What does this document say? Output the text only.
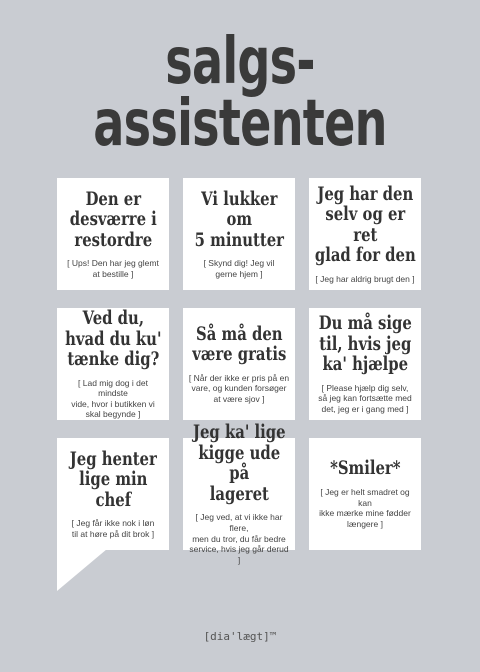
salgs-
assistenten
Den er
desværre i
restordre
[ Ups! Den har jeg glemt
at bestille ]
Vi lukker om
5 minutter
[ Skynd dig! Jeg vil
gerne hjem ]
Jeg har den
selv og er ret
glad for den
[ Jeg har aldrig brugt den ]
Ved du,
hvad du ku'
tænke dig?
[ Lad mig dog i det mindste
vide, hvor i butikken vi
skal begynde ]
Så må den
være gratis
[ Når der ikke er pris på en
vare, og kunden forsøger
at være sjov ]
Du må sige
til, hvis jeg
ka' hjælpe
[ Please hjælp dig selv,
så jeg kan fortsætte med
det, jeg er i gang med ]
Jeg henter
lige min chef
[ Jeg får ikke nok i løn
til at høre på dit brok ]
Jeg ka' lige
kigge ude på
lageret
[ Jeg ved, at vi ikke har flere,
men du tror, du får bedre
service, hvis jeg går derud ]
*Smiler*
[ Jeg er helt smadret og kan
ikke mærke mine fødder
længere ]
[dia'lægt]™
